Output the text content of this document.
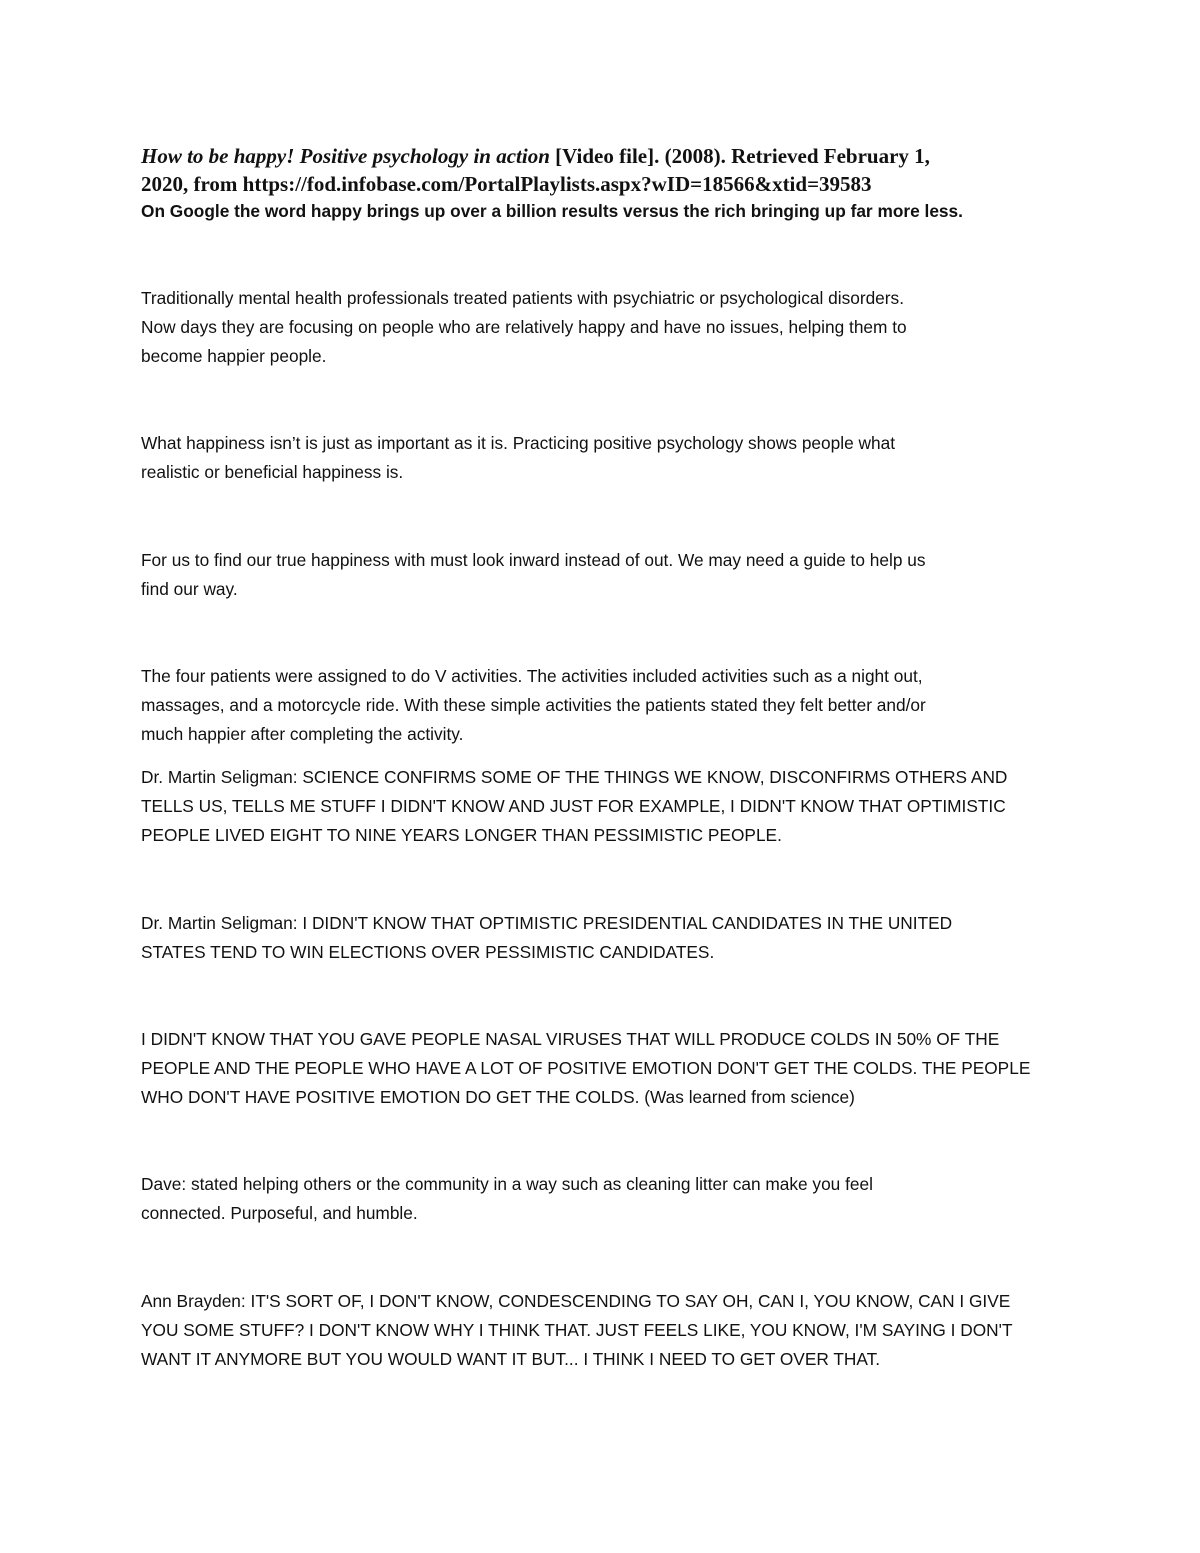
How to be happy! Positive psychology in action [Video file]. (2008). Retrieved February 1,
2020, from https://fod.infobase.com/PortalPlaylists.aspx?wID=18566&xtid=39583

On Google the word happy brings up over a billion results versus the rich bringing up far more less.

Traditionally mental health professionals treated patients with psychiatric or psychological disorders.
Now days they are focusing on people who are relatively happy and have no issues, helping them to
become happier people.
What happiness isn’t is just as important as it is. Practicing positive psychology shows people what
realistic or beneficial happiness is.
For us to find our true happiness with must look inward instead of out. We may need a guide to help us
find our way.
The four patients were assigned to do V activities. The activities included activities such as a night out,
massages, and a motorcycle ride. With these simple activities the patients stated they felt better and/or
much happier after completing the activity.
Dr. Martin Seligman: SCIENCE CONFIRMS SOME OF THE THINGS WE KNOW, DISCONFIRMS OTHERS AND
TELLS US, TELLS ME STUFF I DIDN'T KNOW AND JUST FOR EXAMPLE, I DIDN'T KNOW THAT OPTIMISTIC
PEOPLE LIVED EIGHT TO NINE YEARS LONGER THAN PESSIMISTIC PEOPLE.
Dr. Martin Seligman: I DIDN'T KNOW THAT OPTIMISTIC PRESIDENTIAL CANDIDATES IN THE UNITED
STATES TEND TO WIN ELECTIONS OVER PESSIMISTIC CANDIDATES.
I DIDN'T KNOW THAT YOU GAVE PEOPLE NASAL VIRUSES THAT WILL PRODUCE COLDS IN 50% OF THE
PEOPLE AND THE PEOPLE WHO HAVE A LOT OF POSITIVE EMOTION DON'T GET THE COLDS. THE PEOPLE
WHO DON'T HAVE POSITIVE EMOTION DO GET THE COLDS. (Was learned from science)
Dave: stated helping others or the community in a way such as cleaning litter can make you feel
connected. Purposeful, and humble.
Ann Brayden: IT'S SORT OF, I DON'T KNOW, CONDESCENDING TO SAY OH, CAN I, YOU KNOW, CAN I GIVE
YOU SOME STUFF? I DON'T KNOW WHY I THINK THAT. JUST FEELS LIKE, YOU KNOW, I'M SAYING I DON'T
WANT IT ANYMORE BUT YOU WOULD WANT IT BUT... I THINK I NEED TO GET OVER THAT.
